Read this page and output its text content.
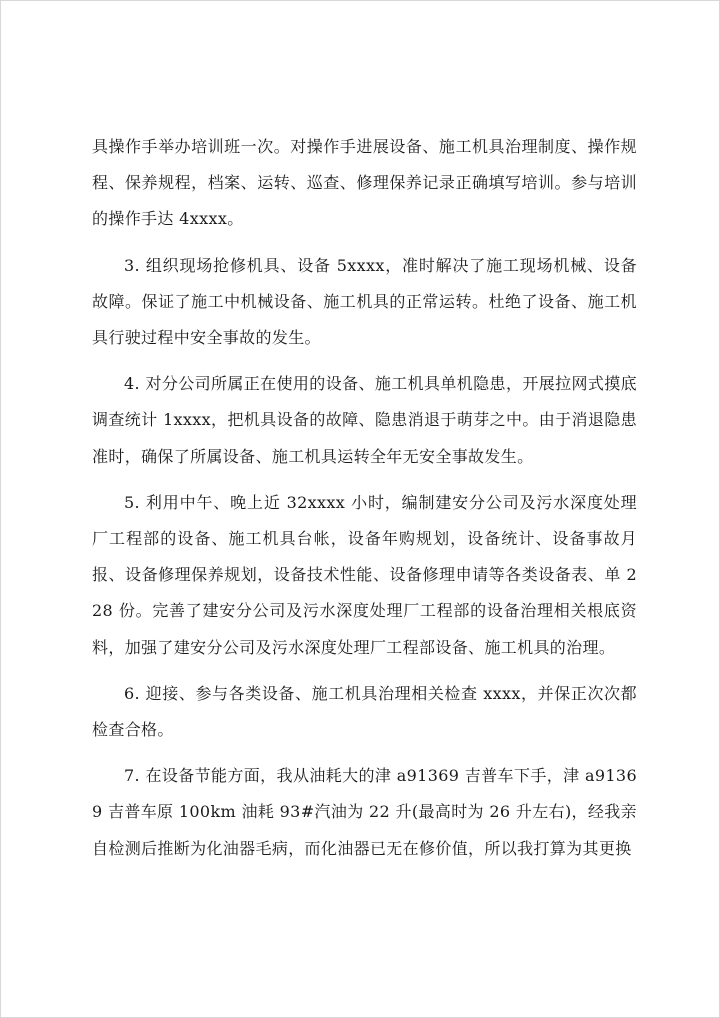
具操作手举办培训班一次。对操作手进展设备、施工机具治理制度、操作规程、保养规程，档案、运转、巡查、修理保养记录正确填写培训。参与培训的操作手达 4xxxx。

3. 组织现场抢修机具、设备 5xxxx，准时解决了施工现场机械、设备故障。保证了施工中机械设备、施工机具的正常运转。杜绝了设备、施工机具行驶过程中安全事故的发生。

4. 对分公司所属正在使用的设备、施工机具单机隐患，开展拉网式摸底调查统计 1xxxx，把机具设备的故障、隐患消退于萌芽之中。由于消退隐患准时，确保了所属设备、施工机具运转全年无安全事故发生。

5. 利用中午、晚上近 32xxxx 小时，编制建安分公司及污水深度处理厂工程部的设备、施工机具台帐，设备年购规划，设备统计、设备事故月报、设备修理保养规划，设备技术性能、设备修理申请等各类设备表、单 228 份。完善了建安分公司及污水深度处理厂工程部的设备治理相关根底资料，加强了建安分公司及污水深度处理厂工程部设备、施工机具的治理。

6. 迎接、参与各类设备、施工机具治理相关检查 xxxx，并保正次次都检查合格。

7. 在设备节能方面，我从油耗大的津 a91369 吉普车下手，津 a91369 吉普车原 100km 油耗 93#汽油为 22 升(最高时为 26 升左右)，经我亲自检测后推断为化油器毛病，而化油器已无在修价值，所以我打算为其更换
